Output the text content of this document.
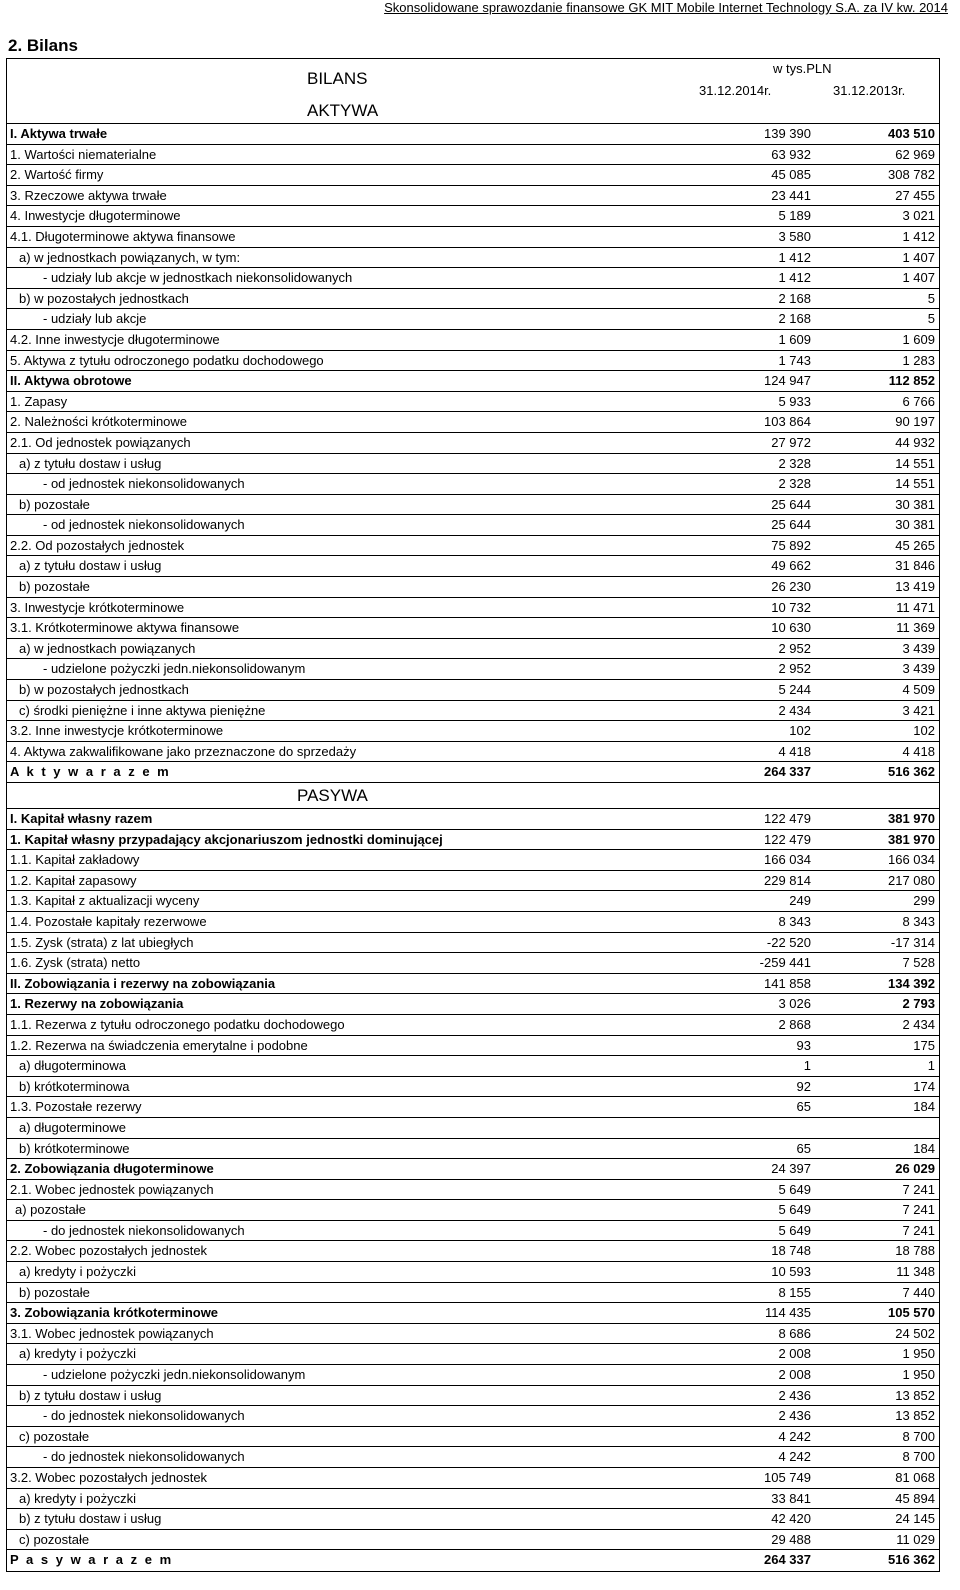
Skonsolidowane sprawozdanie finansowe GK MIT Mobile Internet Technology S.A. za IV kw. 2014
2. Bilans
BILANS
AKTYWA
w tys.PLN
31.12.2014r.	31.12.2013r.
I. Aktywa trwałe	139 390	403 510
1. Wartości niematerialne	63 932	62 969
2. Wartość firmy	45 085	308 782
3. Rzeczowe aktywa trwałe	23 441	27 455
4. Inwestycje długoterminowe	5 189	3 021
4.1. Długoterminowe aktywa finansowe	3 580	1 412
a) w jednostkach powiązanych, w tym:	1 412	1 407
- udziały lub akcje w jednostkach niekonsolidowanych	1 412	1 407
b) w pozostałych jednostkach	2 168	5
- udziały lub akcje	2 168	5
4.2. Inne inwestycje długoterminowe	1 609	1 609
5. Aktywa z tytułu odroczonego podatku dochodowego	1 743	1 283
II. Aktywa obrotowe	124 947	112 852
1. Zapasy	5 933	6 766
2. Należności krótkoterminowe	103 864	90 197
2.1. Od jednostek powiązanych	27 972	44 932
a) z tytułu dostaw i usług	2 328	14 551
- od jednostek niekonsolidowanych	2 328	14 551
b) pozostałe	25 644	30 381
- od jednostek niekonsolidowanych	25 644	30 381
2.2. Od pozostałych jednostek	75 892	45 265
a) z tytułu dostaw i usług	49 662	31 846
b) pozostałe	26 230	13 419
3. Inwestycje krótkoterminowe	10 732	11 471
3.1. Krótkoterminowe aktywa finansowe	10 630	11 369
a) w jednostkach powiązanych	2 952	3 439
- udzielone pożyczki jedn.niekonsolidowanym	2 952	3 439
b) w pozostałych jednostkach	5 244	4 509
c) środki pieniężne i inne aktywa pieniężne	2 434	3 421
3.2. Inne inwestycje krótkoterminowe	102	102
4. Aktywa zakwalifikowane jako przeznaczone do sprzedaży	4 418	4 418
A k t y w a r a z e m	264 337	516 362
PASYWA
I. Kapitał własny razem	122 479	381 970
1. Kapitał własny przypadający akcjonariuszom jednostki dominującej	122 479	381 970
1.1. Kapitał zakładowy	166 034	166 034
1.2. Kapitał zapasowy	229 814	217 080
1.3. Kapitał z aktualizacji wyceny	249	299
1.4. Pozostałe kapitały rezerwowe	8 343	8 343
1.5. Zysk (strata) z lat ubiegłych	-22 520	-17 314
1.6. Zysk (strata) netto	-259 441	7 528
II. Zobowiązania i rezerwy na zobowiązania	141 858	134 392
1. Rezerwy na zobowiązania	3 026	2 793
1.1. Rezerwa z tytułu odroczonego podatku dochodowego	2 868	2 434
1.2. Rezerwa na świadczenia emerytalne i podobne	93	175
a) długoterminowa	1	1
b) krótkoterminowa	92	174
1.3. Pozostałe rezerwy	65	184
a) długoterminowe
b) krótkoterminowe	65	184
2. Zobowiązania długoterminowe	24 397	26 029
2.1. Wobec jednostek powiązanych	5 649	7 241
a) pozostałe	5 649	7 241
- do jednostek niekonsolidowanych	5 649	7 241
2.2. Wobec pozostałych jednostek	18 748	18 788
a) kredyty i pożyczki	10 593	11 348
b) pozostałe	8 155	7 440
3. Zobowiązania krótkoterminowe	114 435	105 570
3.1. Wobec jednostek powiązanych	8 686	24 502
a) kredyty i pożyczki	2 008	1 950
- udzielone pożyczki jedn.niekonsolidowanym	2 008	1 950
b) z tytułu dostaw i usług	2 436	13 852
- do jednostek niekonsolidowanych	2 436	13 852
c) pozostałe	4 242	8 700
- do jednostek niekonsolidowanych	4 242	8 700
3.2. Wobec pozostałych jednostek	105 749	81 068
a) kredyty i pożyczki	33 841	45 894
b) z tytułu dostaw i usług	42 420	24 145
c) pozostałe	29 488	11 029
P a s y w a r a z e m	264 337	516 362
